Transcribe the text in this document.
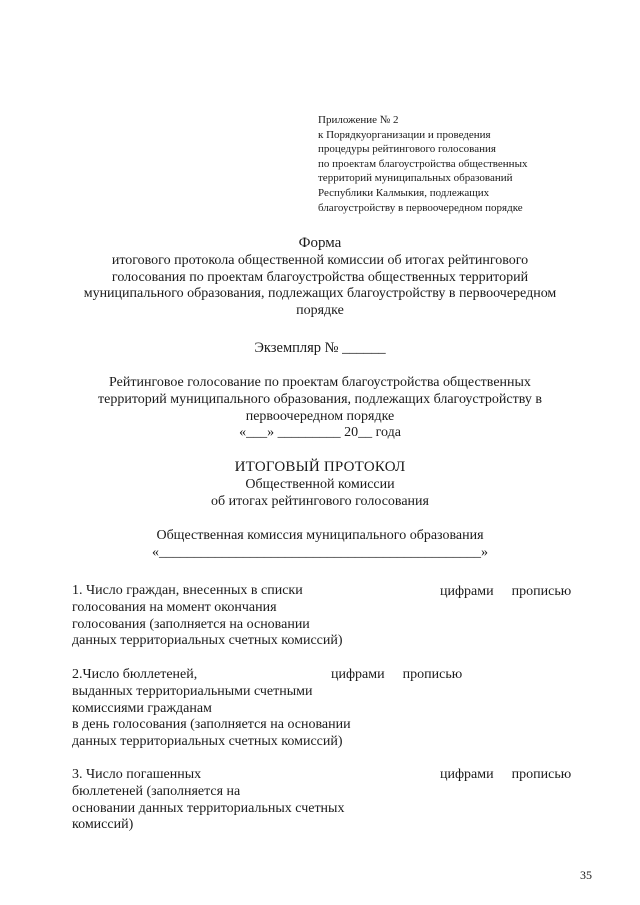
Приложение № 2
к Порядкуорганизации и проведения
процедуры рейтингового голосования
по проектам благоустройства общественных
территорий муниципальных образований
Республики Калмыкия, подлежащих
благоустройству в первоочередном порядке
Форма
итогового протокола общественной комиссии об итогах рейтингового
голосования по проектам благоустройства общественных территорий
муниципального образования, подлежащих благоустройству в первоочередном
порядке
Экземпляр № ______
Рейтинговое голосование по проектам благоустройства общественных
территорий муниципального образования, подлежащих благоустройству в
первоочередном порядке
«___» _________ 20__ года
ИТОГОВЫЙ ПРОТОКОЛ
Общественной комиссии
об итогах рейтингового голосования
Общественная комиссия муниципального образования
«______________________________________________»
1. Число граждан, внесенных в списки
голосования на момент окончания
голосования (заполняется на основании
данных территориальных счетных комиссий)
цифрами прописью
2.Число бюллетеней,
выданных территориальными счетными
комиссиями гражданам
в день голосования (заполняется на основании
данных территориальных счетных комиссий)
цифрами прописью
3. Число погашенных
бюллетеней (заполняется на
основании данных территориальных счетных
комиссий)
цифрами прописью
35
